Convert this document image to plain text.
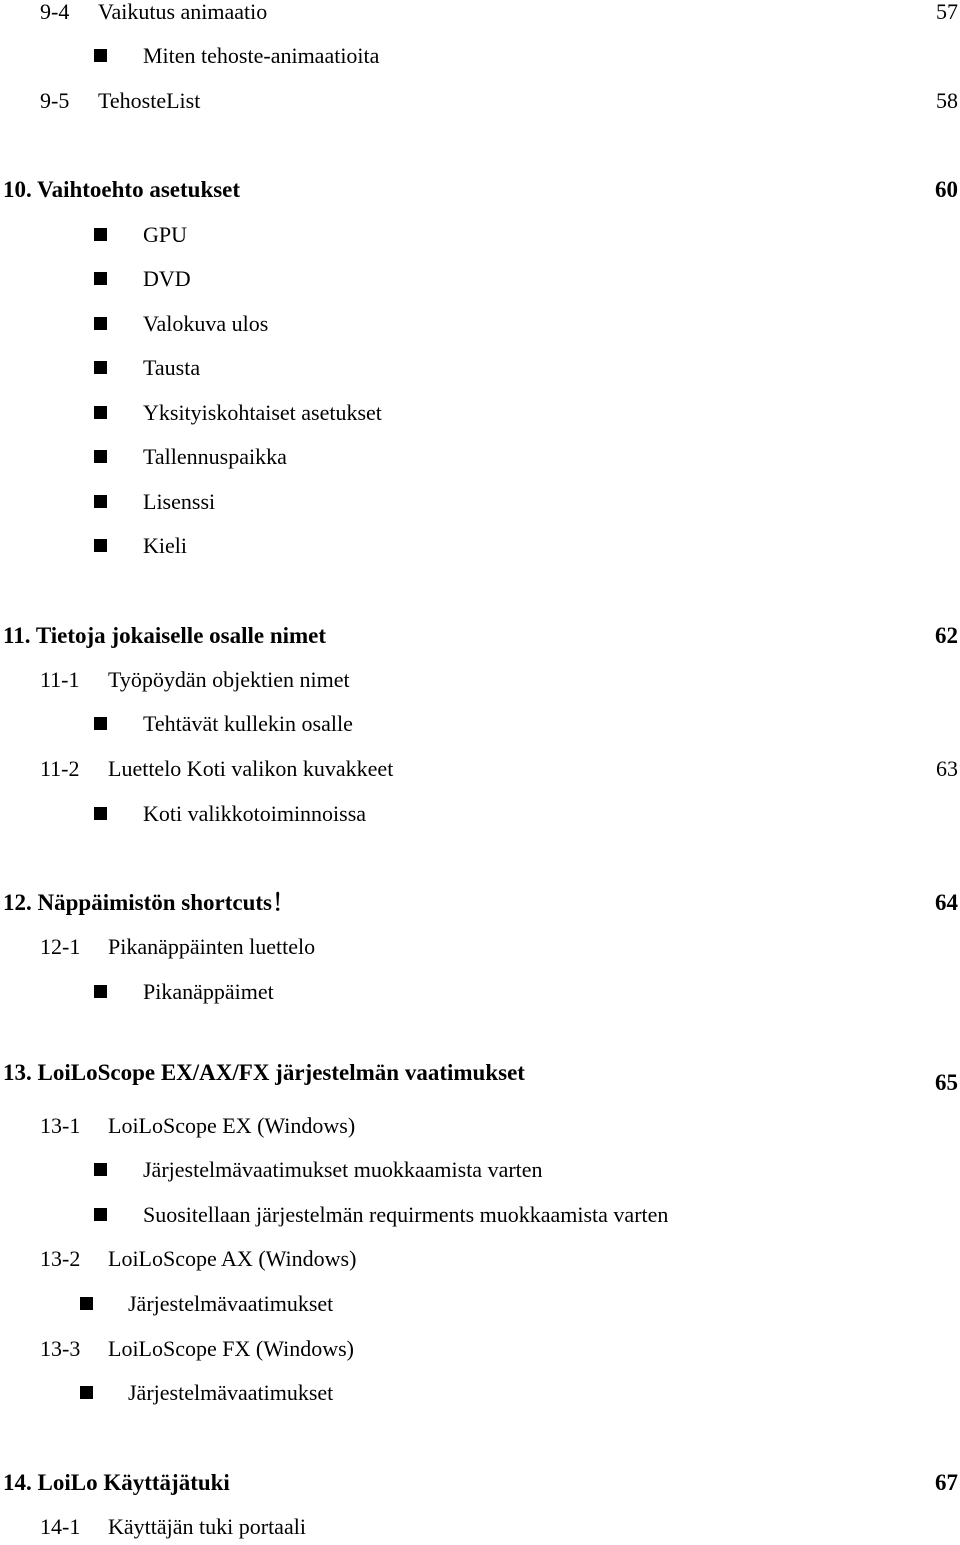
9-4 Vaikutus animaatio	57
Miten tehoste-animaatioita
9-5 TehosteList	58
10. Vaihtoehto asetukset	60
GPU
DVD
Valokuva ulos
Tausta
Yksityiskohtaiset asetukset
Tallennuspaikka
Lisenssi
Kieli
11. Tietoja jokaiselle osalle nimet	62
11-1 Työpöydän objektien nimet
Tehtävät kullekin osalle
11-2 Luettelo Koti valikon kuvakkeet	63
Koti valikkotoiminnoissa
12. Näppäimistön shortcuts！	64
12-1 Pikanäppäinten luettelo
Pikanäppäimet
13. LoiLoScope EX/AX/FX järjestelmän vaatimukset	65
13-1 LoiLoScope EX (Windows)
Järjestelmävaatimukset muokkaamista varten
Suositellaan järjestelmän requirments muokkaamista varten
13-2 LoiLoScope AX (Windows)
Järjestelmävaatimukset
13-3 LoiLoScope FX (Windows)
Järjestelmävaatimukset
14. LoiLo Käyttäjätuki	67
14-1 Käyttäjän tuki portaali
